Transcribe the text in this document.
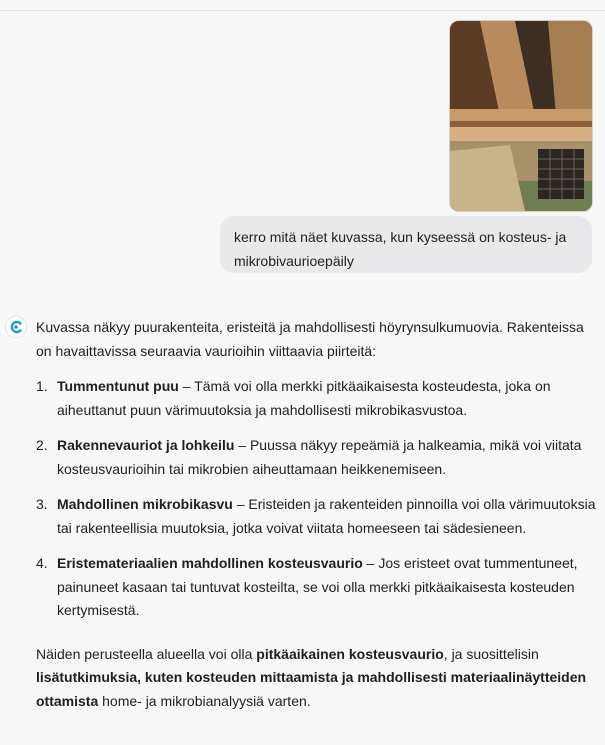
kerro mitä näet kuvassa, kun kyseessä on kosteus- ja mikrobivaurioepäily

Kuvassa näkyy puurakenteita, eristeitä ja mahdollisesti höyrynsulkumuovia. Rakenteissa on havaittavissa seuraavia vaurioihin viittaavia piirteitä:

1. Tummentunut puu – Tämä voi olla merkki pitkäaikaisesta kosteudesta, joka on aiheuttanut puun värimuutoksia ja mahdollisesti mikrobikasvustoa.
2. Rakennevauriot ja lohkeilu – Puussa näkyy repeämiä ja halkeamia, mikä voi viitata kosteusvaurioihin tai mikrobien aiheuttamaan heikkenemiseen.
3. Mahdollinen mikrobikasvu – Eristeiden ja rakenteiden pinnoilla voi olla värimuutoksia tai rakenteellisia muutoksia, jotka voivat viitata homeeseen tai sädesieneen.
4. Eristemateriaalien mahdollinen kosteusvaurio – Jos eristeet ovat tummentuneet, painuneet kasaan tai tuntuvat kosteilta, se voi olla merkki pitkäaikaisesta kosteuden kertymisestä.

Näiden perusteella alueella voi olla pitkäaikainen kosteusvaurio, ja suosittelisin lisätutkimuksia, kuten kosteuden mittaamista ja mahdollisesti materiaalinäytteiden ottamista home- ja mikrobianalyysiä varten.
